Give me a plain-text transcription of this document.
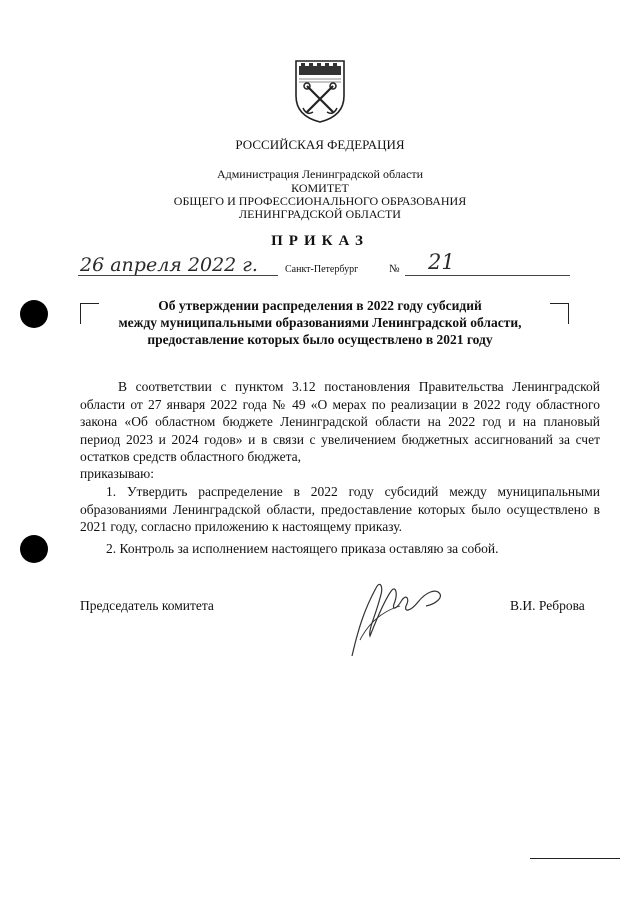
РОССИЙСКАЯ ФЕДЕРАЦИЯ
Администрация Ленинградской области
КОМИТЕТ
ОБЩЕГО И ПРОФЕССИОНАЛЬНОГО ОБРАЗОВАНИЯ
ЛЕНИНГРАДСКОЙ ОБЛАСТИ
ПРИКАЗ
26 апреля 2022 г.	Санкт-Петербург	№ 21
Об утверждении распределения в 2022 году субсидий
между муниципальными образованиями Ленинградской области,
предоставление которых было осуществлено в 2021 году
В соответствии с пунктом 3.12 постановления Правительства Ленинградской области от 27 января 2022 года № 49 «О мерах по реализации в 2022 году областного закона «Об областном бюджете Ленинградской области на 2022 год и на плановый период 2023 и 2024 годов» и в связи с увеличением бюджетных ассигнований за счет остатков средств областного бюджета,
приказываю:
1. Утвердить распределение в 2022 году субсидий между муниципальными образованиями Ленинградской области, предоставление которых было осуществлено в 2021 году, согласно приложению к настоящему приказу.
2. Контроль за исполнением настоящего приказа оставляю за собой.
Председатель комитета	В.И. Реброва
